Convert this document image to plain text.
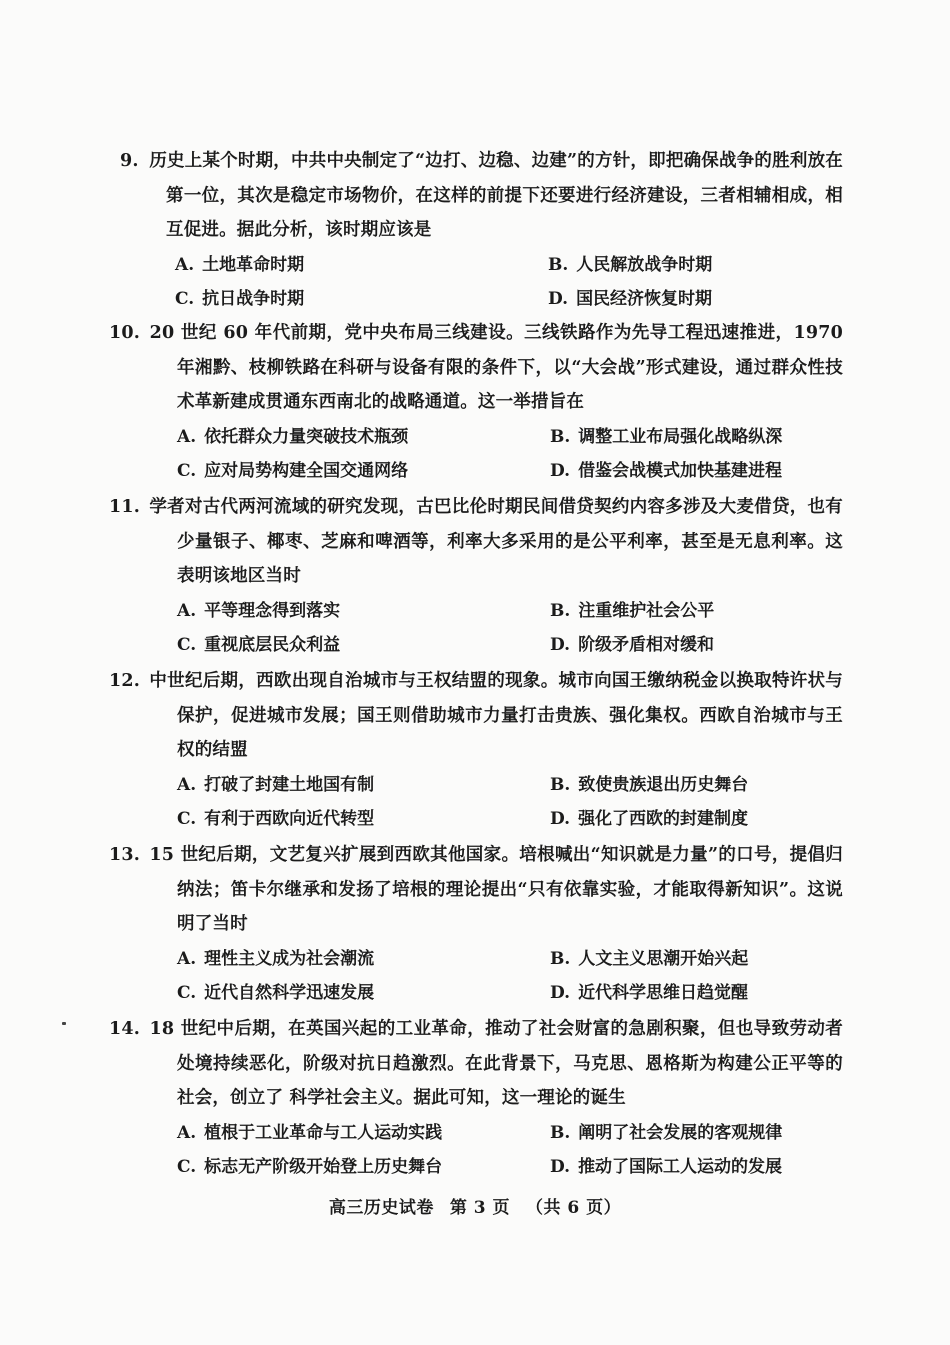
9. 历史上某个时期，中共中央制定了“边打、边稳、边建”的方针，即把确保战争的胜利放在第一位，其次是稳定市场物价，在这样的前提下还要进行经济建设，三者相辅相成，相互促进。据此分析，该时期应该是
A. 土地革命时期	B. 人民解放战争时期
C. 抗日战争时期	D. 国民经济恢复时期
10. 20 世纪 60 年代前期，党中央布局三线建设。三线铁路作为先导工程迅速推进，1970年湘黔、枝柳铁路在科研与设备有限的条件下，以“大会战”形式建设，通过群众性技术革新建成贯通东西南北的战略通道。这一举措旨在
A. 依托群众力量突破技术瓶颈	B. 调整工业布局强化战略纵深
C. 应对局势构建全国交通网络	D. 借鉴会战模式加快基建进程
11. 学者对古代两河流域的研究发现，古巴比伦时期民间借贷契约内容多涉及大麦借贷，也有少量银子、椰枣、芝麻和啤酒等，利率大多采用的是公平利率，甚至是无息利率。这表明该地区当时
A. 平等理念得到落实	B. 注重维护社会公平
C. 重视底层民众利益	D. 阶级矛盾相对缓和
12. 中世纪后期，西欧出现自治城市与王权结盟的现象。城市向国王缴纳税金以换取特许状与保护，促进城市发展；国王则借助城市力量打击贵族、强化集权。西欧自治城市与王权的结盟
A. 打破了封建土地国有制	B. 致使贵族退出历史舞台
C. 有利于西欧向近代转型	D. 强化了西欧的封建制度
13. 15 世纪后期，文艺复兴扩展到西欧其他国家。培根喊出“知识就是力量”的口号，提倡归纳法；笛卡尔继承和发扬了培根的理论提出“只有依靠实验，才能取得新知识”。这说明了当时
A. 理性主义成为社会潮流	B. 人文主义思潮开始兴起
C. 近代自然科学迅速发展	D. 近代科学思维日趋觉醒
14. 18 世纪中后期，在英国兴起的工业革命，推动了社会财富的急剧积聚，但也导致劳动者处境持续恶化，阶级对抗日趋激烈。在此背景下，马克思、恩格斯为构建公正平等的社会，创立了 科学社会主义。据此可知，这一理论的诞生
A. 植根于工业革命与工人运动实践	B. 阐明了社会发展的客观规律
C. 标志无产阶级开始登上历史舞台	D. 推动了国际工人运动的发展
高三历史试卷 第 3 页 （共 6 页）
